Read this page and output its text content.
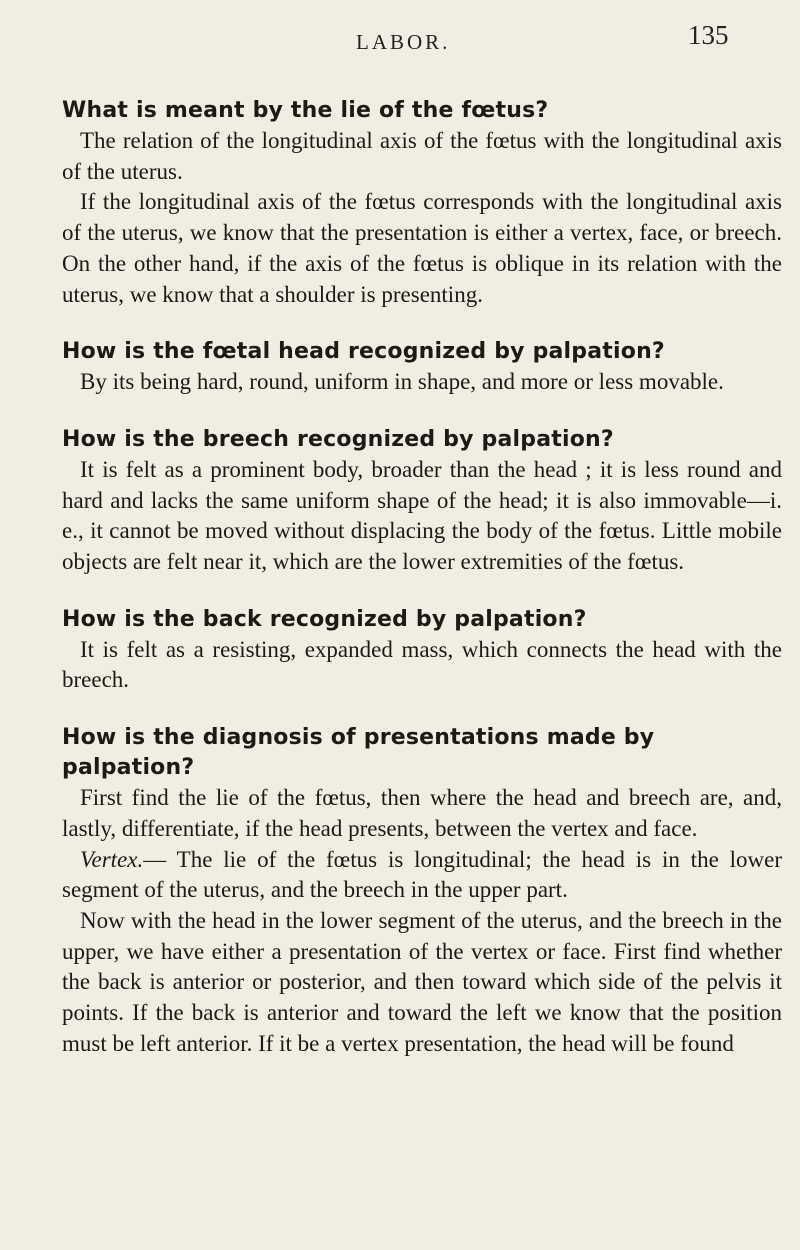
LABOR.	135

What is meant by the lie of the fœtus?

The relation of the longitudinal axis of the fœtus with the longitudinal axis of the uterus.

If the longitudinal axis of the fœtus corresponds with the longitudinal axis of the uterus, we know that the presentation is either a vertex, face, or breech. On the other hand, if the axis of the fœtus is oblique in its relation with the uterus, we know that a shoulder is presenting.

How is the fœtal head recognized by palpation?

By its being hard, round, uniform in shape, and more or less movable.

How is the breech recognized by palpation?

It is felt as a prominent body, broader than the head ; it is less round and hard and lacks the same uniform shape of the head; it is also immovable—i. e., it cannot be moved without displacing the body of the fœtus. Little mobile objects are felt near it, which are the lower extremities of the fœtus.

How is the back recognized by palpation?

It is felt as a resisting, expanded mass, which connects the head with the breech.

How is the diagnosis of presentations made by palpation?

First find the lie of the fœtus, then where the head and breech are, and, lastly, differentiate, if the head presents, between the vertex and face.

Vertex.— The lie of the fœtus is longitudinal; the head is in the lower segment of the uterus, and the breech in the upper part.

Now with the head in the lower segment of the uterus, and the breech in the upper, we have either a presentation of the vertex or face. First find whether the back is anterior or posterior, and then toward which side of the pelvis it points. If the back is anterior and toward the left we know that the position must be left anterior. If it be a vertex presentation, the head will be found
